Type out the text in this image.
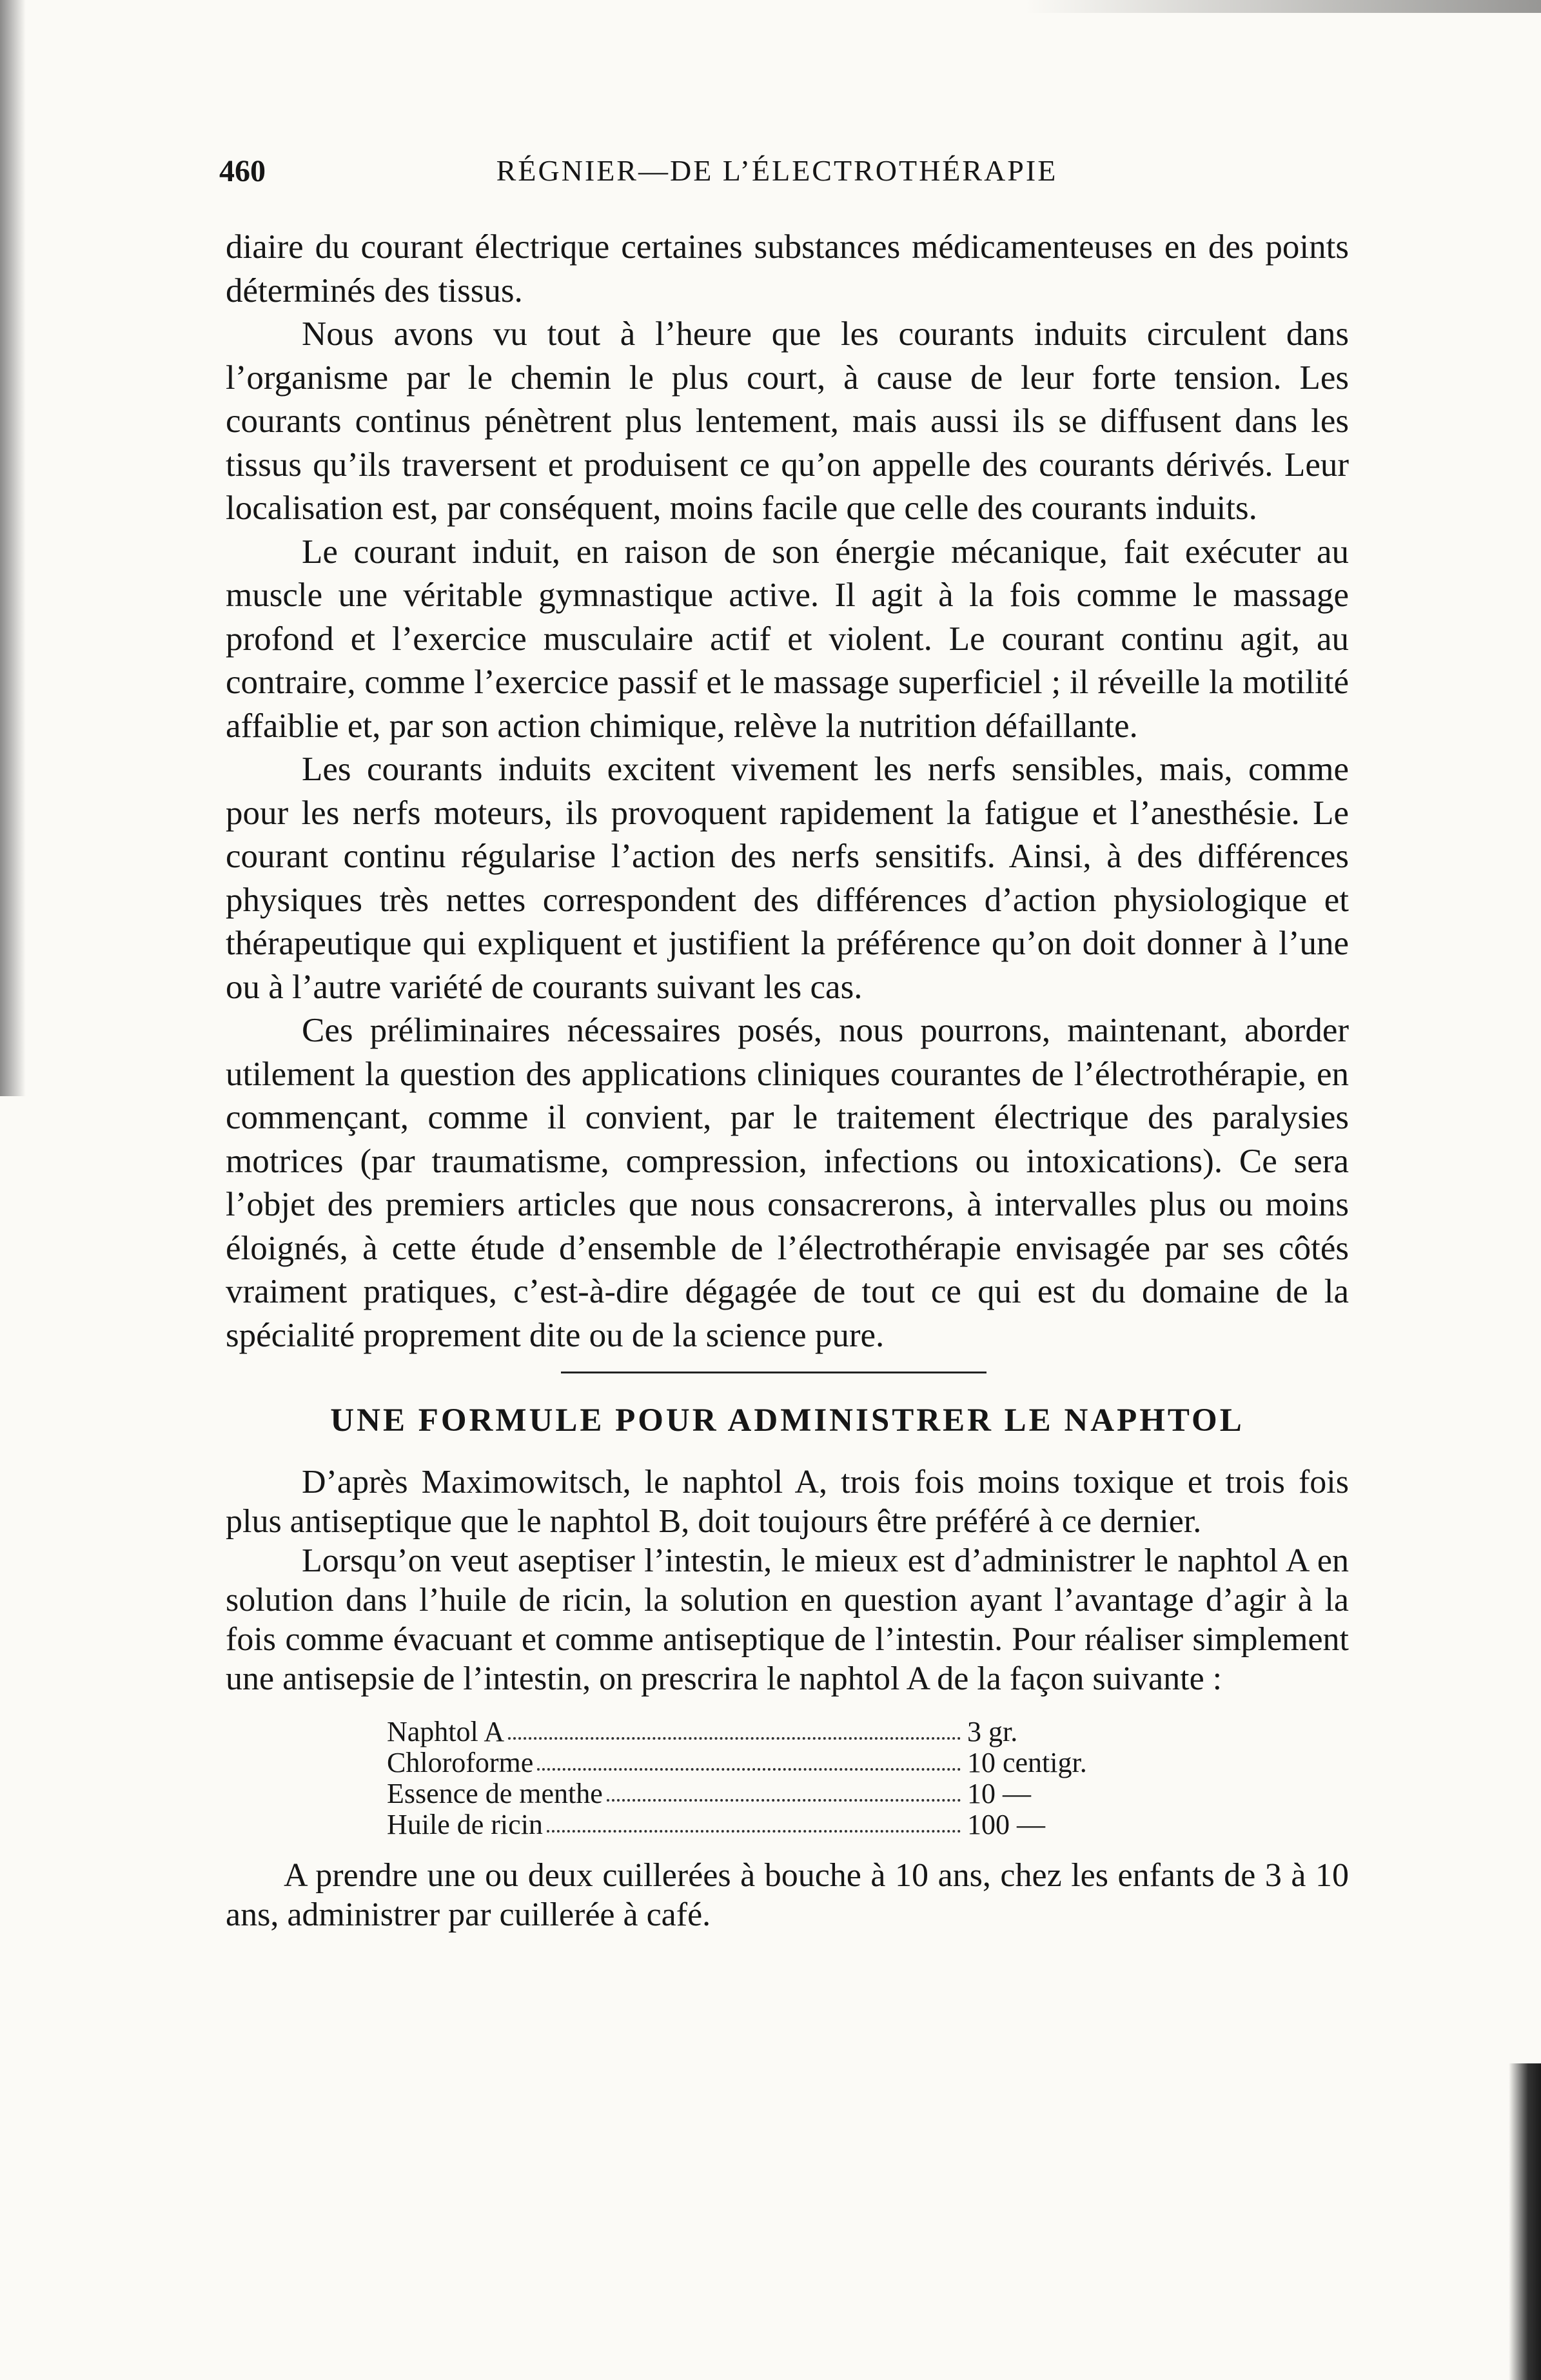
460	RÉGNIER—DE L’ÉLECTROTHÉRAPIE

diaire du courant électrique certaines substances médicamenteuses en des points déterminés des tissus.

Nous avons vu tout à l’heure que les courants induits circulent dans l’organisme par le chemin le plus court, à cause de leur forte tension. Les courants continus pénètrent plus lentement, mais aussi ils se diffusent dans les tissus qu’ils traversent et produisent ce qu’on appelle des courants dérivés. Leur localisation est, par conséquent, moins facile que celle des courants induits.

Le courant induit, en raison de son énergie mécanique, fait exécuter au muscle une véritable gymnastique active. Il agit à la fois comme le massage profond et l’exercice musculaire actif et violent. Le courant continu agit, au contraire, comme l’exercice passif et le massage superficiel ; il réveille la motilité affaiblie et, par son action chimique, relève la nutrition défaillante.

Les courants induits excitent vivement les nerfs sensibles, mais, comme pour les nerfs moteurs, ils provoquent rapidement la fatigue et l’anesthésie. Le courant continu régularise l’action des nerfs sensitifs. Ainsi, à des différences physiques très nettes correspondent des différences d’action physiologique et thérapeutique qui expliquent et justifient la préférence qu’on doit donner à l’une ou à l’autre variété de courants suivant les cas.

Ces préliminaires nécessaires posés, nous pourrons, maintenant, aborder utilement la question des applications cliniques courantes de l’électrothérapie, en commençant, comme il convient, par le traitement électrique des paralysies motrices (par traumatisme, compression, infections ou intoxications). Ce sera l’objet des premiers articles que nous consacrerons, à intervalles plus ou moins éloignés, à cette étude d’ensemble de l’électrothérapie envisagée par ses côtés vraiment pratiques, c’est-à-dire dégagée de tout ce qui est du domaine de la spécialité proprement dite ou de la science pure.

UNE FORMULE POUR ADMINISTRER LE NAPHTOL

D’après Maximowitsch, le naphtol A, trois fois moins toxique et trois fois plus antiseptique que le naphtol B, doit toujours être préféré à ce dernier.

Lorsqu’on veut aseptiser l’intestin, le mieux est d’administrer le naphtol A en solution dans l’huile de ricin, la solution en question ayant l’avantage d’agir à la fois comme évacuant et comme antiseptique de l’intestin. Pour réaliser simplement une antisepsie de l’intestin, on prescrira le naphtol A de la façon suivante :

Naphtol A	3 gr.
Chloroforme	10 centigr.
Essence de menthe	10 —
Huile de ricin	100 —

A prendre une ou deux cuillerées à bouche à 10 ans, chez les enfants de 3 à 10 ans, administrer par cuillerée à café.
